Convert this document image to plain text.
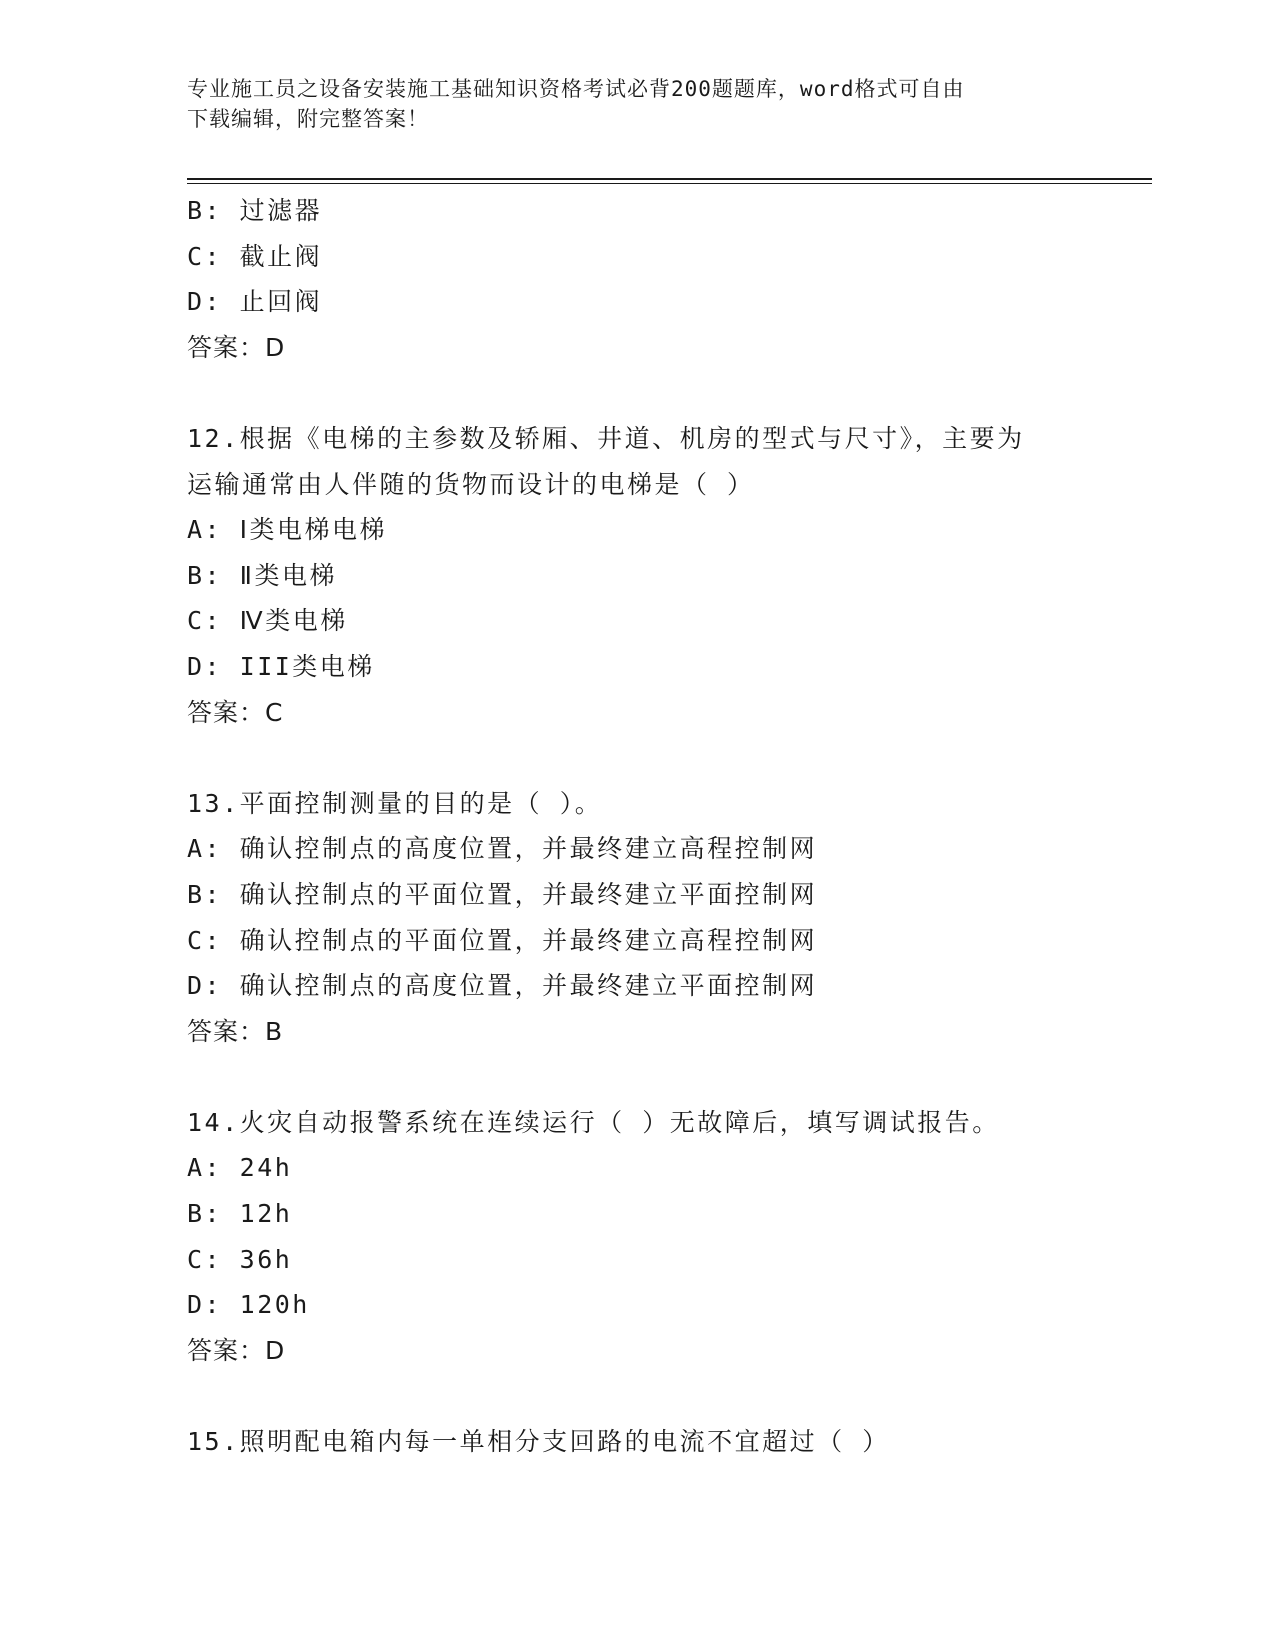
专业施工员之设备安装施工基础知识资格考试必背200题题库，word格式可自由
下载编辑，附完整答案！
B: 过滤器
C: 截止阀
D: 止回阀
答案：D
12.根据《电梯的主参数及轿厢、井道、机房的型式与尺寸》，主要为
运输通常由人伴随的货物而设计的电梯是（ ）
A: Ⅰ类电梯电梯
B: Ⅱ类电梯
C: Ⅳ类电梯
D: III类电梯
答案：C
13.平面控制测量的目的是（ ）。
A: 确认控制点的高度位置，并最终建立高程控制网
B: 确认控制点的平面位置，并最终建立平面控制网
C: 确认控制点的平面位置，并最终建立高程控制网
D: 确认控制点的高度位置，并最终建立平面控制网
答案：B
14.火灾自动报警系统在连续运行（ ）无故障后，填写调试报告。
A: 24h
B: 12h
C: 36h
D: 120h
答案：D
15.照明配电箱内每一单相分支回路的电流不宜超过（ ）
